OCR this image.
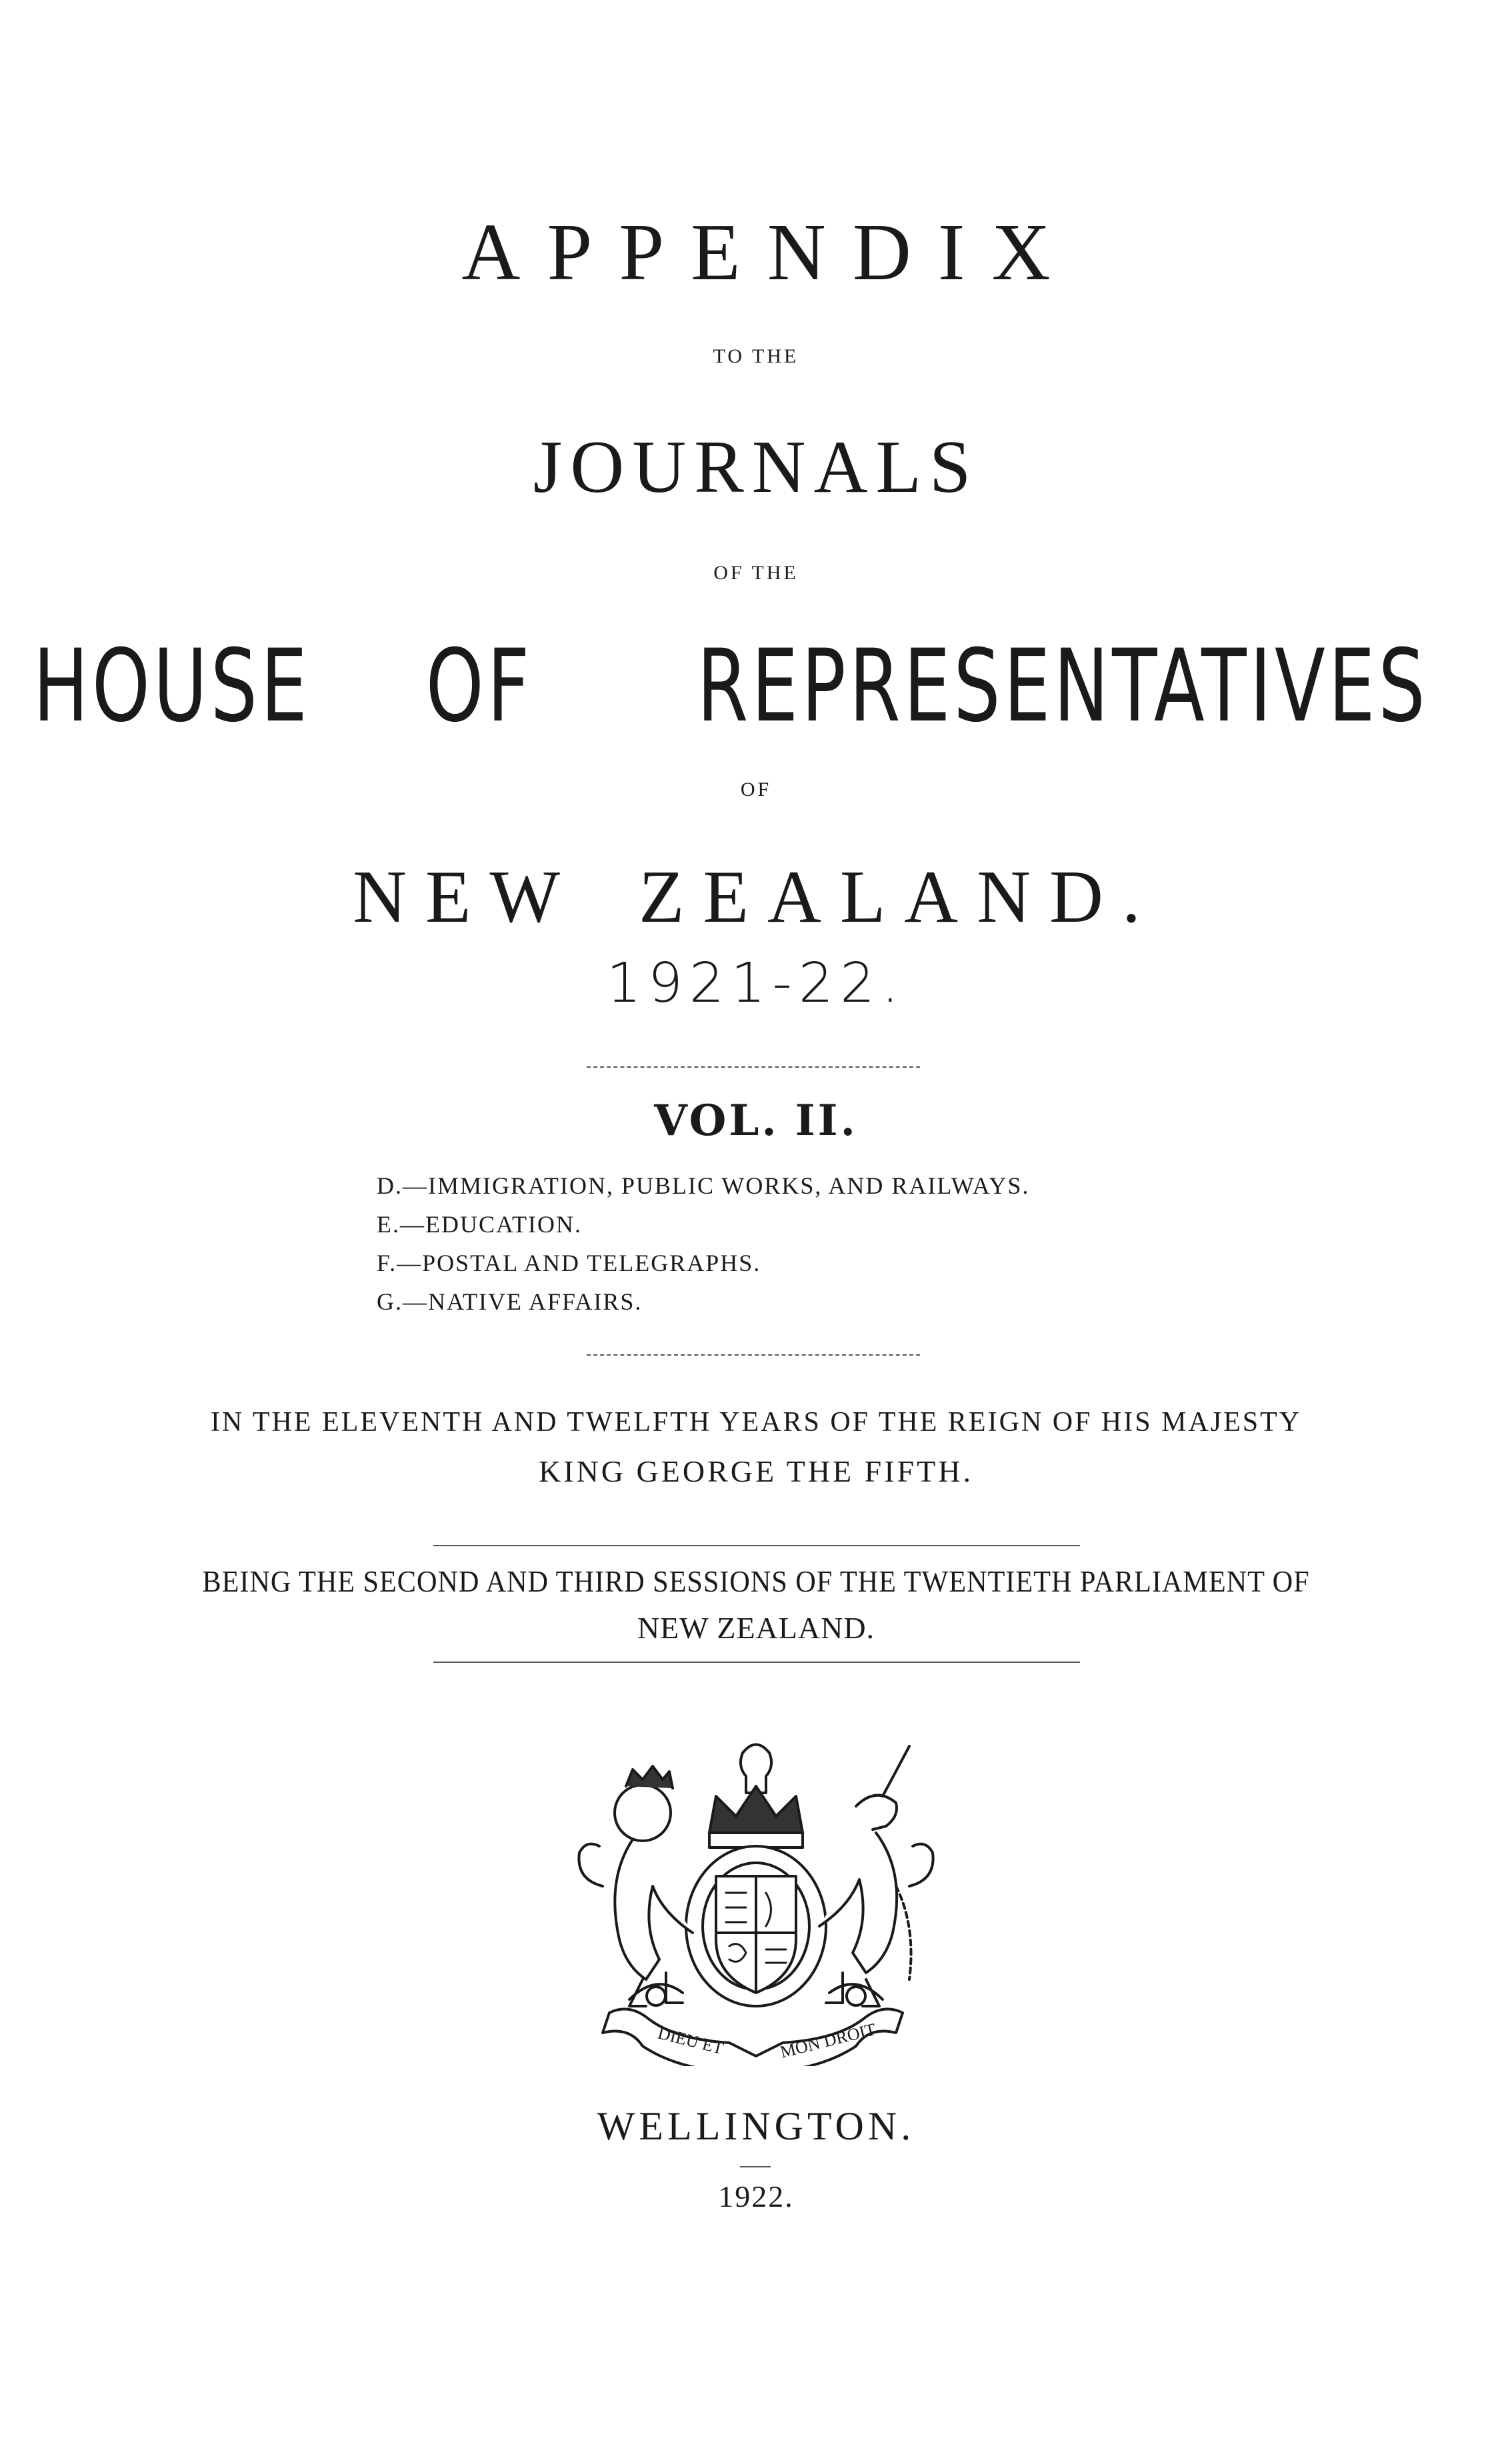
APPENDIX
TO THE
JOURNALS
OF THE
HOUSE OF REPRESENTATIVES
OF
NEW ZEALAND.
1921-22.
VOL. II.
D.—IMMIGRATION, PUBLIC WORKS, AND RAILWAYS.
E.—EDUCATION.
F.—POSTAL AND TELEGRAPHS.
G.—NATIVE AFFAIRS.
IN THE ELEVENTH AND TWELFTH YEARS OF THE REIGN OF HIS MAJESTY
KING GEORGE THE FIFTH.
BEING THE SECOND AND THIRD SESSIONS OF THE TWENTIETH PARLIAMENT OF
NEW ZEALAND.
DIEU ET	MON DROIT
WELLINGTON.
1922.
